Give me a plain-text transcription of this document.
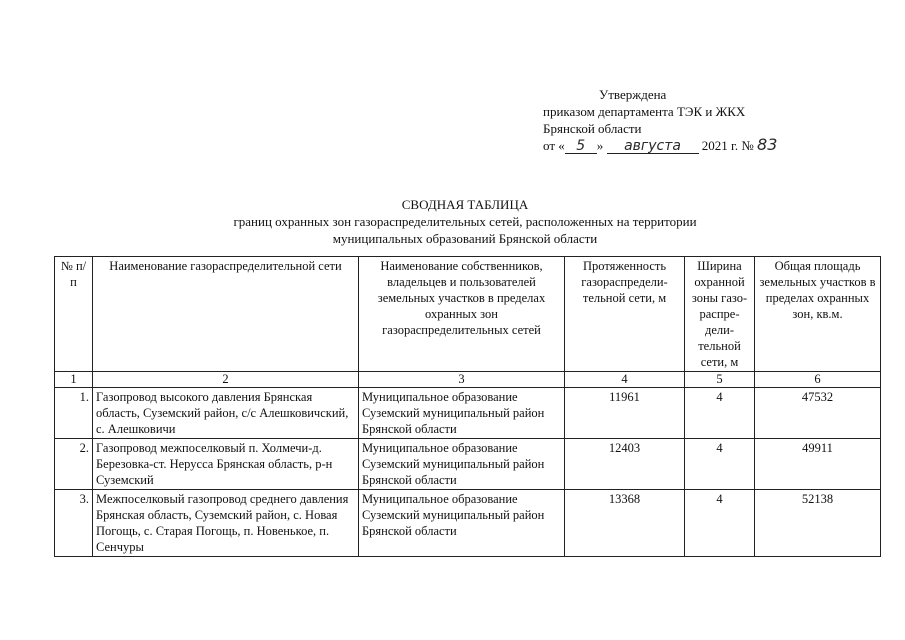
Утверждена
приказом департамента ТЭК и ЖКХ
Брянской области
от « 5 » августа 2021 г. № 83
СВОДНАЯ ТАБЛИЦА
границ охранных зон газораспределительных сетей, расположенных на территории
муниципальных образований Брянской области
№ п/п	Наименование газораспределительной сети	Наименование собственников, владельцев и пользователей земельных участков в пределах охранных зон газораспределительных сетей	Протяженность газораспредели-тельной сети, м	Ширина охранной зоны газо-распре-дели-тельной сети, м	Общая площадь земельных участков в пределах охранных зон, кв.м.
1	2	3	4	5	6
1.	Газопровод высокого давления Брянская область, Суземский район, с/с Алешковичский, с. Алешковичи	Муниципальное образование Суземский муниципальный район Брянской области	11961	4	47532
2.	Газопровод межпоселковый п. Холмечи-д. Березовка-ст. Нерусса Брянская область, р-н Суземский	Муниципальное образование Суземский муниципальный район Брянской области	12403	4	49911
3.	Межпоселковый газопровод среднего давления Брянская область, Суземский район, с. Новая Погощь, с. Старая Погощь, п. Новенькое, п. Сенчуры	Муниципальное образование Суземский муниципальный район Брянской области	13368	4	52138
